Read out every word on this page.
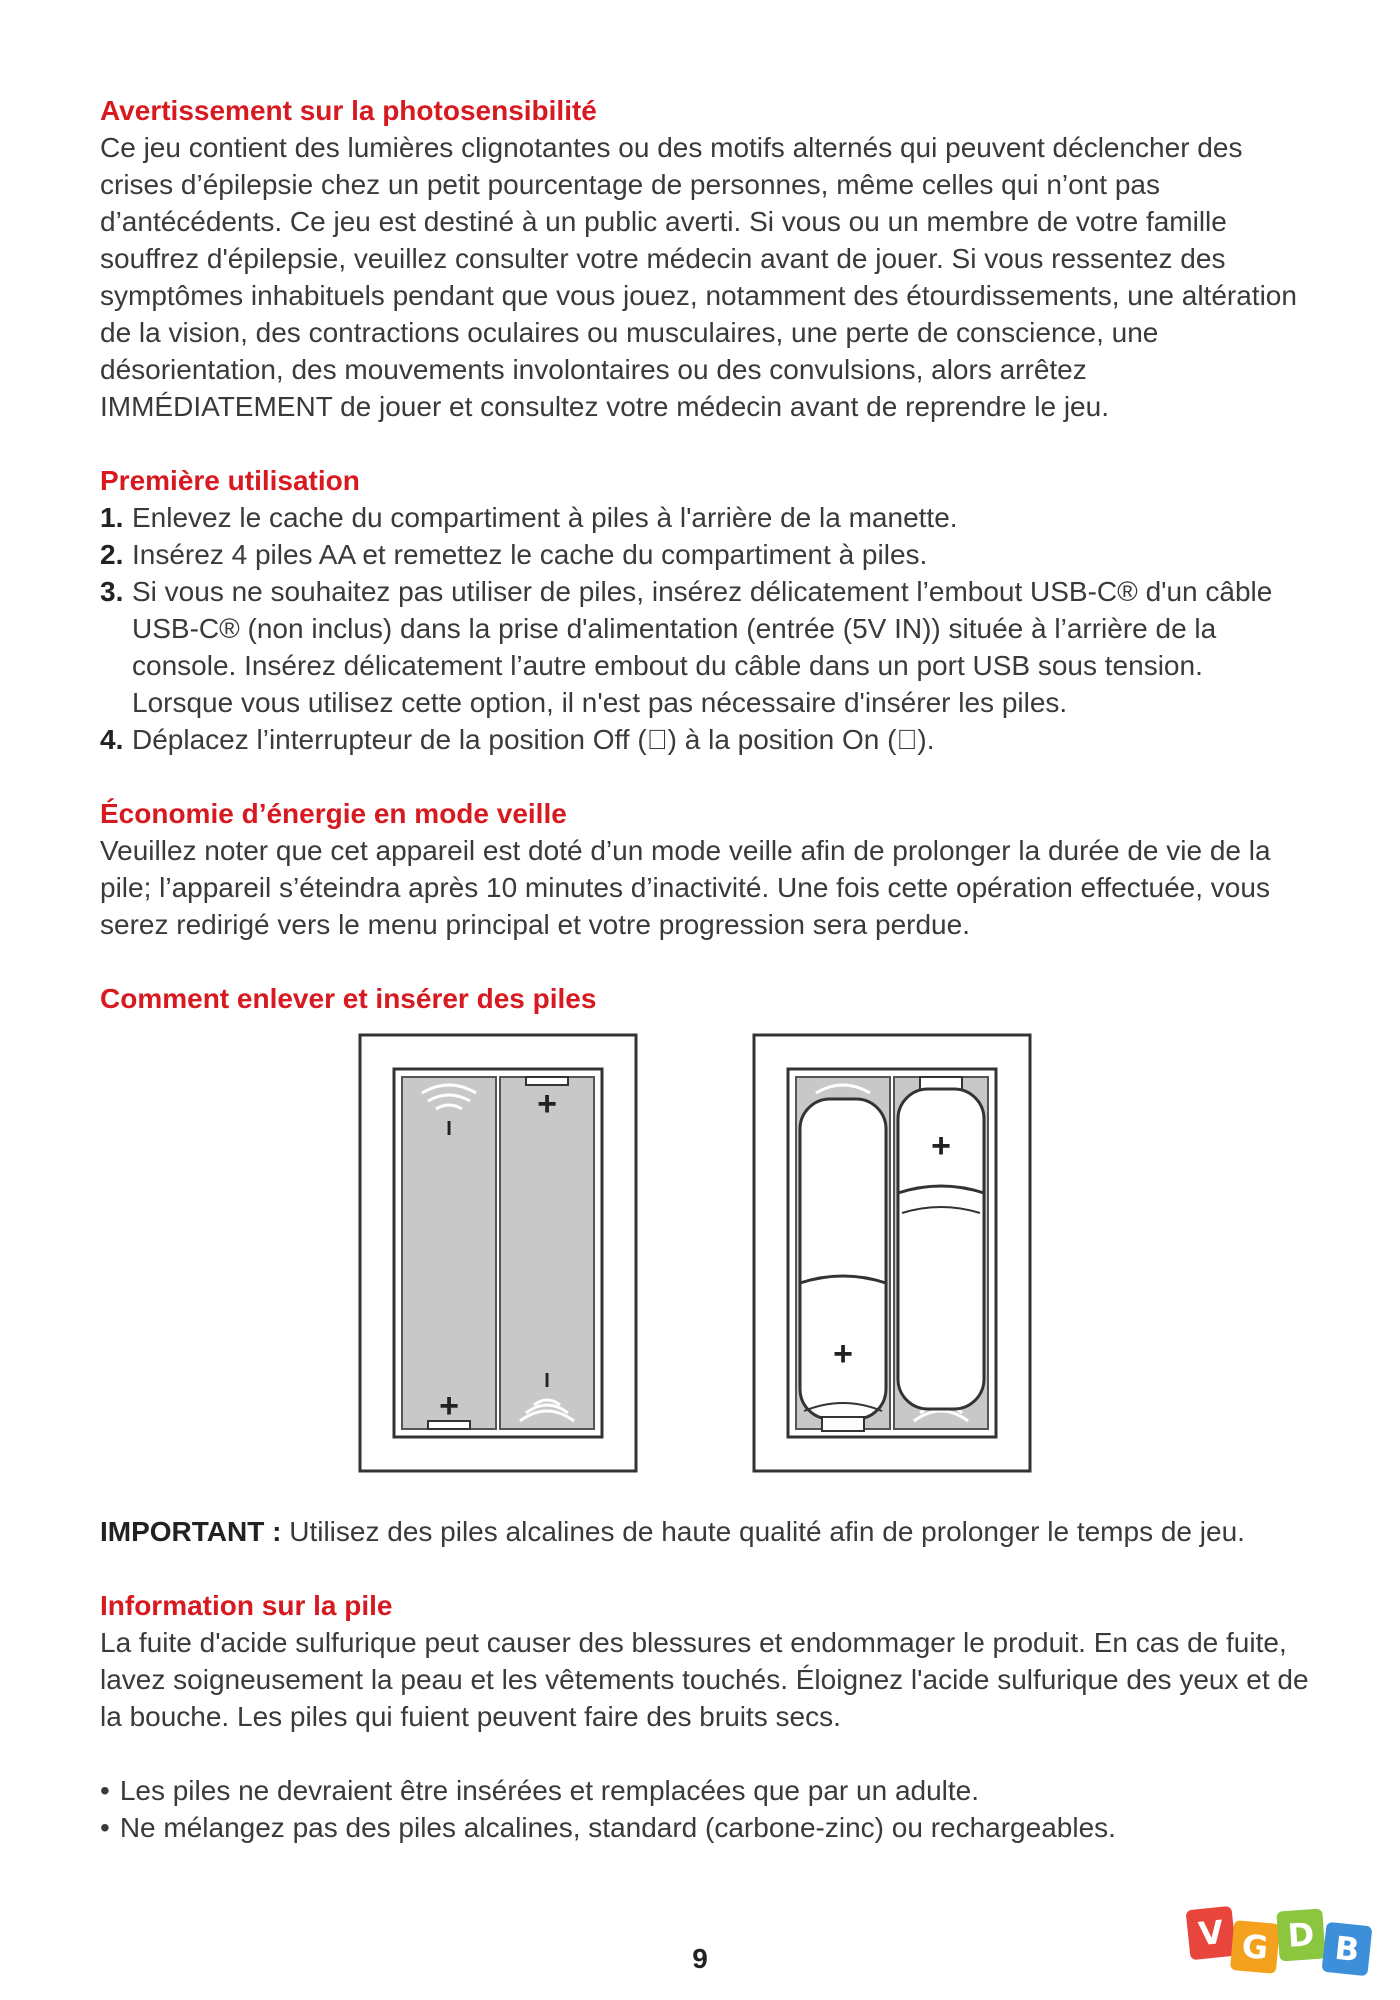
Avertissement sur la photosensibilité

Ce jeu contient des lumières clignotantes ou des motifs alternés qui peuvent déclencher des crises d’épilepsie chez un petit pourcentage de personnes, même celles qui n’ont pas d’antécédents. Ce jeu est destiné à un public averti. Si vous ou un membre de votre famille souffrez d'épilepsie, veuillez consulter votre médecin avant de jouer. Si vous ressentez des symptômes inhabituels pendant que vous jouez, notamment des étourdissements, une altération de la vision, des contractions oculaires ou musculaires, une perte de conscience, une désorientation, des mouvements involontaires ou des convulsions, alors arrêtez IMMÉDIATEMENT de jouer et consultez votre médecin avant de reprendre le jeu.

Première utilisation
1. Enlevez le cache du compartiment à piles à l'arrière de la manette.
2. Insérez 4 piles AA et remettez le cache du compartiment à piles.
3. Si vous ne souhaitez pas utiliser de piles, insérez délicatement l’embout USB-C® d'un câble USB-C® (non inclus) dans la prise d'alimentation (entrée (5V IN)) située à l’arrière de la console. Insérez délicatement l’autre embout du câble dans un port USB sous tension. Lorsque vous utilisez cette option, il n'est pas nécessaire d'insérer les piles.
4. Déplacez l’interrupteur de la position Off (⃠) à la position On (⏻).
Économie d’énergie en mode veille

Veuillez noter que cet appareil est doté d’un mode veille afin de prolonger la durée de vie de la pile; l’appareil s’éteindra après 10 minutes d’inactivité. Une fois cette opération effectuée, vous serez redirigé vers le menu principal et votre progression sera perdue.

Comment enlever et insérer des piles
I
+
+
I
+
+

IMPORTANT : Utilisez des piles alcalines de haute qualité afin de prolonger le temps de jeu.

Information sur la pile

La fuite d'acide sulfurique peut causer des blessures et endommager le produit. En cas de fuite, lavez soigneusement la peau et les vêtements touchés. Éloignez l'acide sulfurique des yeux et de la bouche. Les piles qui fuient peuvent faire des bruits secs.

• Les piles ne devraient être insérées et remplacées que par un adulte.
• Ne mélangez pas des piles alcalines, standard (carbone-zinc) ou rechargeables.
9
V G D B
